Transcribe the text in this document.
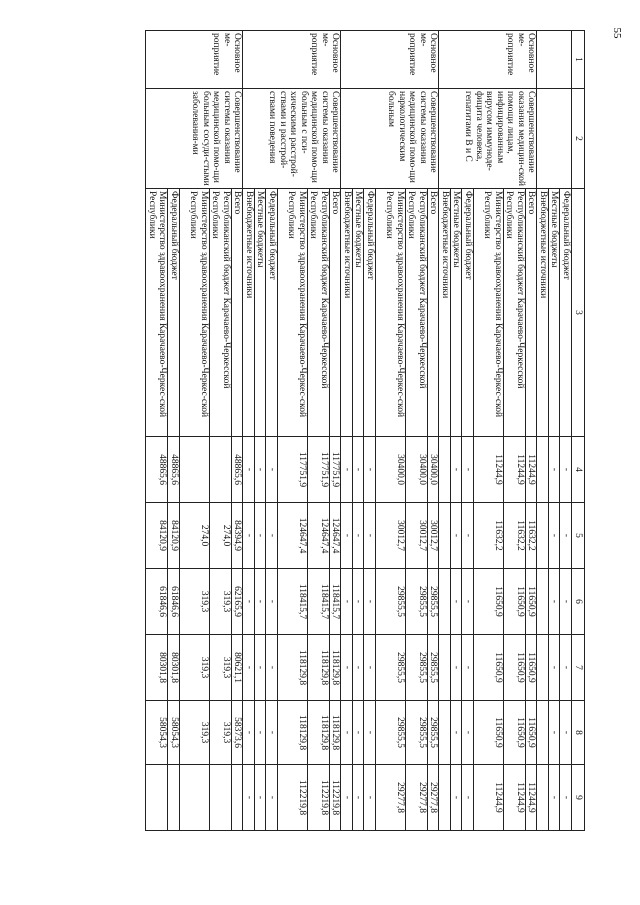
55
1	2	3	4	5	6	7	8	9
		Федеральный бюджет	-	-	-	-	-	-
		Местные бюджеты	-	-	-	-	-	-
		Внебюджетные источники						
Основное ме-роприятие	Совершенствование оказания медицин-ской помощи лицам, инфицированным вирусом иммуноде-фицита человека, гепатитами В и С	Всего	11244,9	11632,2	11650,9	11650,9	11650,9	11244,9
		Республиканский бюджет Карачаево-Черкесской Республики	11244,9	11632,2	11650,9	11650,9	11650,9	11244,9
		Министерство здравоохранения Карачаево-Черкес-ской Республики	11244,9	11632,2	11650,9	11650,9	11650,9	11244,9
		Федеральный бюджет	-	-	-	-	-	-
		Местные бюджеты	-	-	-	-	-	-
		Внебюджетные источники						
Основное ме-роприятие	Совершенствование системы оказания медицинской помо-щи наркологическим больным	Всего	30400,0	30012,7	29855,5	29855,5	29855,5	29277,8
		Республиканский бюджет Карачаево-Черкесской Республики	30400,0	30012,7	29855,5	29855,5	29855,5	29277,8
		Министерство здравоохранения Карачаево-Черкес-ской Республики	30400,0	30012,7	29855,5	29855,5	29855,5	29277,8
		Федеральный бюджет	-	-	-	-	-	-
		Местные бюджеты	-	-	-	-	-	-
		Внебюджетные источники	-	-	-	-	-	-
Основное ме-роприятие	Совершенствование системы оказания медицинской помо-щи больным с пси-хическими расстрой-ствами и расстрой-ствами поведения	Всего	117751,9	124647,4	118415,7	118129,8	118129,8	112219,8
		Республиканский бюджет Карачаево-Черкесской Республики	117751,9	124647,4	118415,7	118129,8	118129,8	112219,8
		Министерство здравоохранения Карачаево-Черкес-ской Республики	117751,9	124647,4	118415,7	118129,8	118129,8	112219,8
		Федеральный бюджет	-	-	-	-	-	-
		Местные бюджеты	-	-	-	-	-	-
		Внебюджетные источники	-	-	-	-	-	-
Основное ме-роприятие	Совершенствование системы оказания медицинской помо-щи больным сосуди-стыми заболевания-ми	Всего	48865,6	84394,9	62165,9	80621,1	58373,6	
		Республиканский бюджет Карачаево-Черкесской Республики		274,0	319,3	319,3	319,3	
		Министерство здравоохранения Карачаево-Черкес-ской Республики		274,0	319,3	319,3	319,3	
		Федеральный бюджет	48865,6	84120,9	61846,6	80301,8	58054,3	
		Министерство здравоохранения Карачаево-Черкес-ской Республики	48865,6	84120,9	61846,6	80301,8	58054,3	
